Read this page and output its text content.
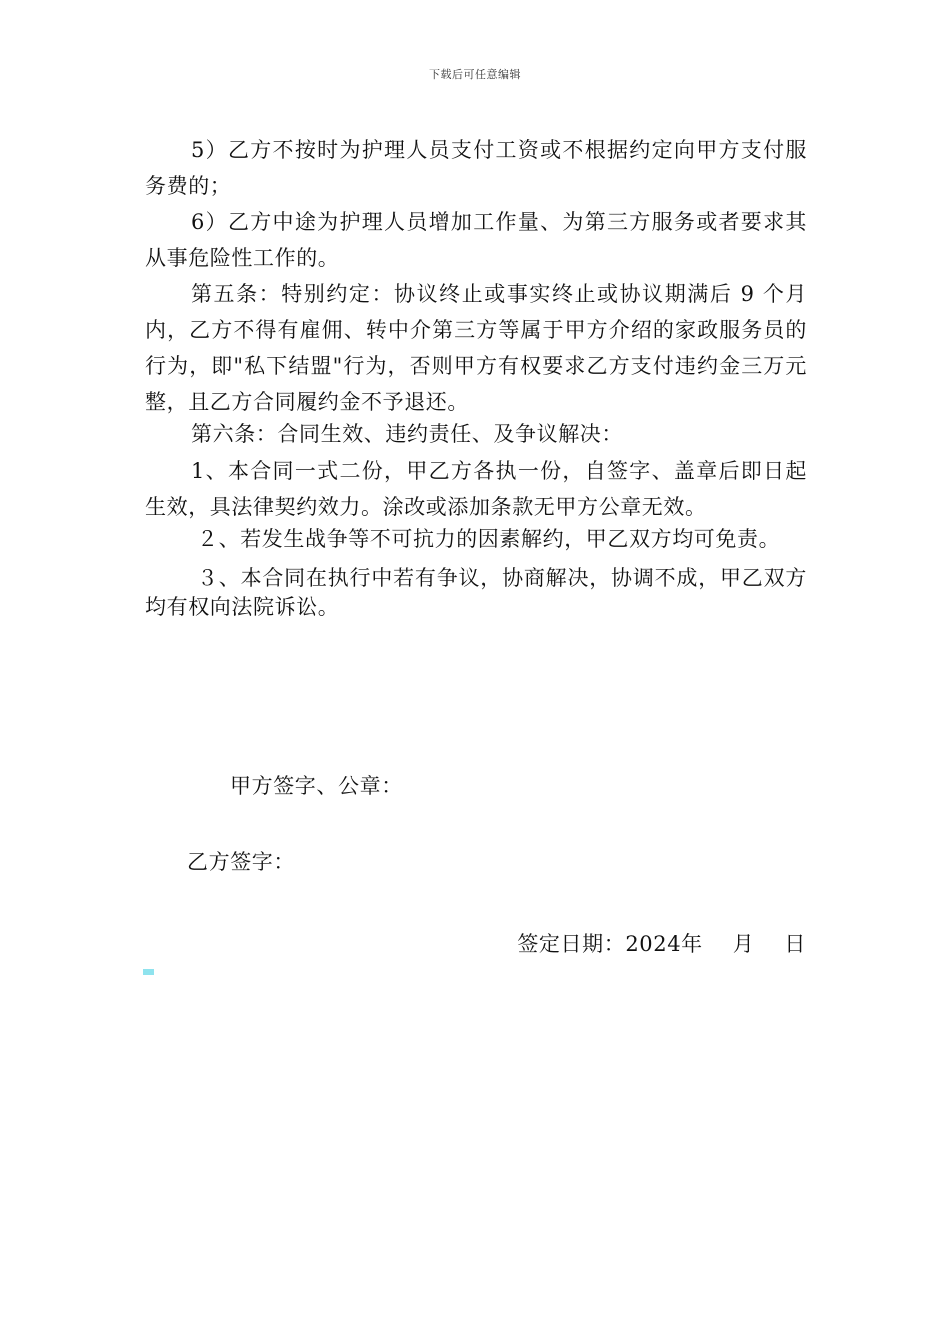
下载后可任意编辑

5）乙方不按时为护理人员支付工资或不根据约定向甲方支付服务费的；

6）乙方中途为护理人员增加工作量、为第三方服务或者要求其从事危险性工作的。

第五条：特别约定：协议终止或事实终止或协议期满后 9 个月内，乙方不得有雇佣、转中介第三方等属于甲方介绍的家政服务员的行为，即"私下结盟"行为，否则甲方有权要求乙方支付违约金三万元整，且乙方合同履约金不予退还。

第六条：合同生效、违约责任、及争议解决：

1、本合同一式二份，甲乙方各执一份，自签字、盖章后即日起生效，具法律契约效力。涂改或添加条款无甲方公章无效。

２、若发生战争等不可抗力的因素解约，甲乙双方均可免责。

３、本合同在执行中若有争议，协商解决，协调不成，甲乙双方均有权向法院诉讼。

甲方签字、公章：
乙方签字：
签定日期：2024年 月 日
